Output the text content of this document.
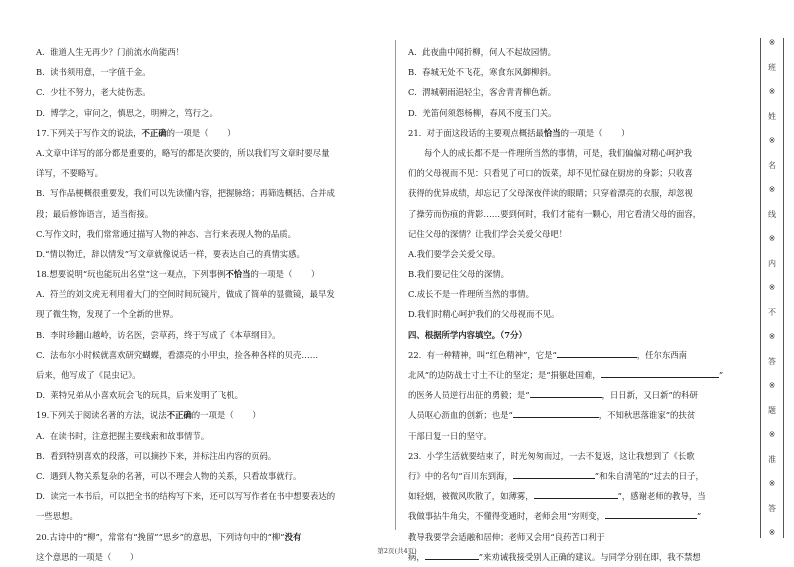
A.  谁道人生无再少？门前流水尚能西！
B.  读书须用意，一字值千金。
C.  少壮不努力，老大徒伤悲。
D.  博学之，审问之，慎思之，明辨之，笃行之。
17.下列关于写作文的说法，不正确的一项是（       ）
A.文章中详写的部分都是重要的，略写的都是次要的，所以我们写文章时要尽量
详写，不要略写。
B.  写作品梗概很重要发，我们可以先读懂内容，把握脉络；再筛选概括、合并成
段；最后修饰语言，适当衔接。
C.写作文时，我们常常通过描写人物的神态、言行来表现人物的品质。
D.“情以物迁，辞以情发”写文章就像说话一样，要表达自己的真情实感。
18.想要说明“玩也能玩出名堂”这一观点，下列事例不恰当的一项是（       ）
A.  符兰的刘文虎无利用着大门的空间时间玩镜片，做成了简单的显微镜，最早发
现了微生物，发现了一个全新的世界。
B.  李时珍翻山越岭，访名医，尝草药，终于写成了《本草纲目》。
C.  法布尔小时候就喜欢研究蝴蝶，看漂亮的小甲虫，捡各种各样的贝壳……
后来，他写成了《昆虫记》。
D.  莱特兄弟从小喜欢玩会飞的玩具，后来发明了飞机。
19.下列关于阅读名著的方法，说法不正确的一项是（       ）
A.  在读书时，注意把握主要线索和故事情节。
B.  看到特别喜欢的段落，可以摘抄下来，并标注出内容的页码。
C.  遇到人物关系复杂的名著，可以不理会人物的关系，只看故事就行。
D.  读完一本书后，可以把全书的结构写下来，还可以写写作者在书中想要表达的
一些思想。
20.古诗中的“柳”，常常有“挽留”“思乡”的意思，下列诗句中的“柳”没有
这个意思的一项是（       ）
A.  此夜曲中闻折柳，何人不起故园情。
B.  春城无处不飞花，寒食东风御柳斜。
C.  渭城朝雨浥轻尘，客舍青青柳色新。
D.  羌笛何须怨杨柳，春风不度玉门关。
21.  对于面这段话的主要观点概括最恰当的一项是（       ）
每个人的成长都不是一件理所当然的事情，可是，我们偏偏对精心呵护我
们的父母视而不见：只看见了可口的饭菜，却不见忙碌在厨房的身影；只收喜
获得的优异成绩，却忘记了父母深夜伴读的眼睛；只穿着漂亮的衣服，却忽视
了操劳而伤痕的背影……要到何时，我们才能有一颗心，用它看清父母的面容，
记住父母的深情？让我们学会关爱父母吧！
A.我们要学会关爱父母。
B.我们要记住父母的深情。
C.成长不是一件理所当然的事情。
D.我们时精心呵护我们的父母视而不见。
四、根据所学内容填空。（7分）
22.  有一种精神，叫“红色精神”，它是“	，任尔东西南
北风”的边防战士寸土不让的坚定；是“捐躯赴国难，	”
的医务人员逆行出征的勇毅；是“	，日日新，又日新”的科研
人员呕心沥血的创新；也是“	，不知秋思落谁家”的扶贫
干部日复一日的坚守。
23.  小学生活就要结束了，时光匆匆而过，一去不复返，这让我想到了《长歌
行》中的名句“百川东到海，	”和朱自清笔的“过去的日子，
如轻烟，被微风吹散了，如薄雾，	”，感谢老师的教导，当
我做事拈牛角尖，不懂得变通时，老师会用“穷则变，	”
教导我要学会适融和居伸；老师又会用“良药苦口利于
病，	”来劝诫我接受别人正确的建议。与同学分别在即，我不禁想
※
班
※
姓
※
名
※
线
※
内
※
不
※
答
※
题
※
准
※
答
※
第2页(共4页)
